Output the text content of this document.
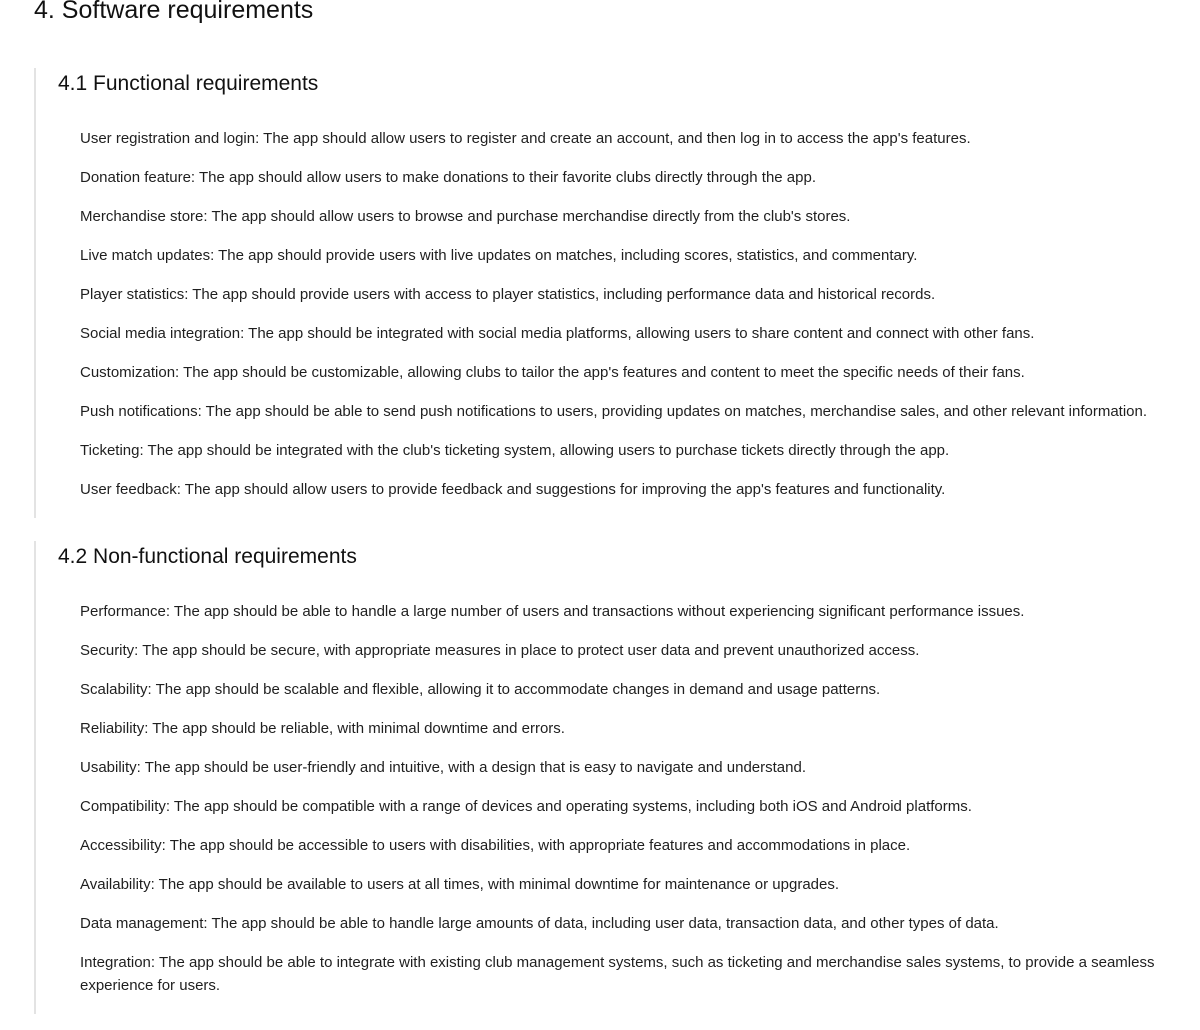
4. Software requirements
4.1 Functional requirements
User registration and login: The app should allow users to register and create an account, and then log in to access the app's features.
Donation feature: The app should allow users to make donations to their favorite clubs directly through the app.
Merchandise store: The app should allow users to browse and purchase merchandise directly from the club's stores.
Live match updates: The app should provide users with live updates on matches, including scores, statistics, and commentary.
Player statistics: The app should provide users with access to player statistics, including performance data and historical records.
Social media integration: The app should be integrated with social media platforms, allowing users to share content and connect with other fans.
Customization: The app should be customizable, allowing clubs to tailor the app's features and content to meet the specific needs of their fans.
Push notifications: The app should be able to send push notifications to users, providing updates on matches, merchandise sales, and other relevant information.
Ticketing: The app should be integrated with the club's ticketing system, allowing users to purchase tickets directly through the app.
User feedback: The app should allow users to provide feedback and suggestions for improving the app's features and functionality.
4.2 Non-functional requirements
Performance: The app should be able to handle a large number of users and transactions without experiencing significant performance issues.
Security: The app should be secure, with appropriate measures in place to protect user data and prevent unauthorized access.
Scalability: The app should be scalable and flexible, allowing it to accommodate changes in demand and usage patterns.
Reliability: The app should be reliable, with minimal downtime and errors.
Usability: The app should be user-friendly and intuitive, with a design that is easy to navigate and understand.
Compatibility: The app should be compatible with a range of devices and operating systems, including both iOS and Android platforms.
Accessibility: The app should be accessible to users with disabilities, with appropriate features and accommodations in place.
Availability: The app should be available to users at all times, with minimal downtime for maintenance or upgrades.
Data management: The app should be able to handle large amounts of data, including user data, transaction data, and other types of data.
Integration: The app should be able to integrate with existing club management systems, such as ticketing and merchandise sales systems, to provide a seamless experience for users.
